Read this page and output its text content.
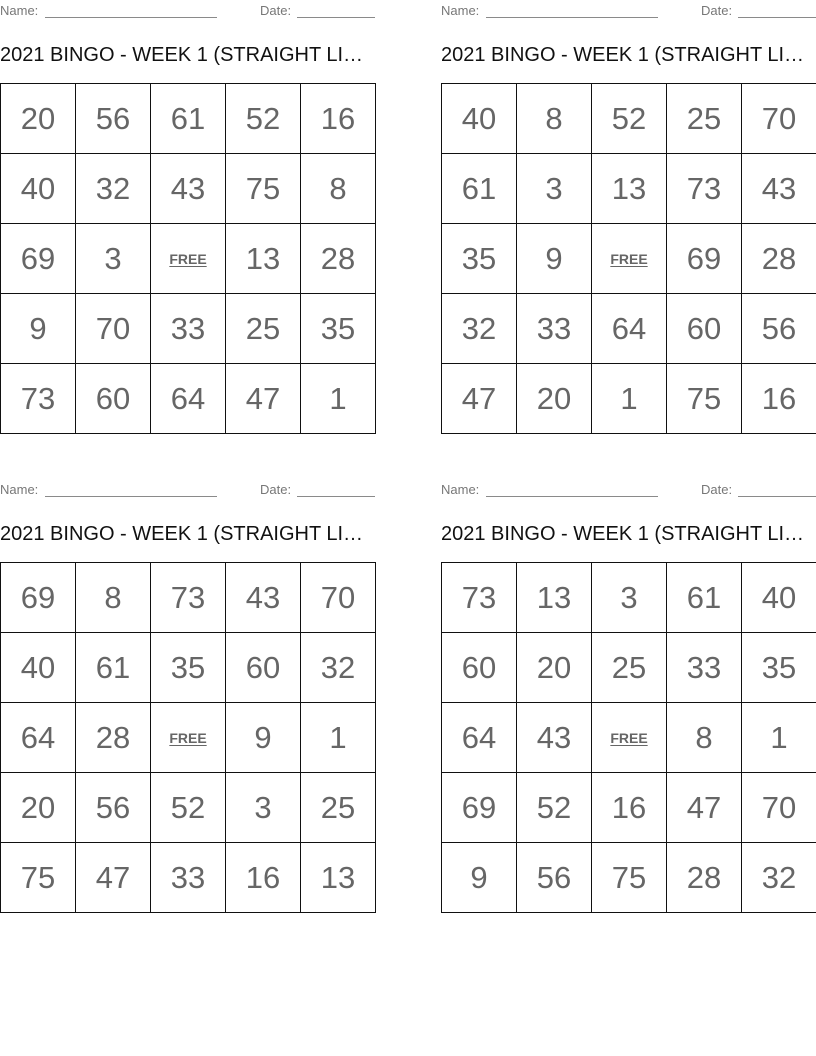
Name:	Date:
2021 BINGO - WEEK 1 (STRAIGHT LI…
20	56	61	52	16
40	32	43	75	8
69	3	FREE	13	28
9	70	33	25	35
73	60	64	47	1
Name:	Date:
2021 BINGO - WEEK 1 (STRAIGHT LI…
40	8	52	25	70
61	3	13	73	43
35	9	FREE	69	28
32	33	64	60	56
47	20	1	75	16
Name:	Date:
2021 BINGO - WEEK 1 (STRAIGHT LI…
69	8	73	43	70
40	61	35	60	32
64	28	FREE	9	1
20	56	52	3	25
75	47	33	16	13
Name:	Date:
2021 BINGO - WEEK 1 (STRAIGHT LI…
73	13	3	61	40
60	20	25	33	35
64	43	FREE	8	1
69	52	16	47	70
9	56	75	28	32
